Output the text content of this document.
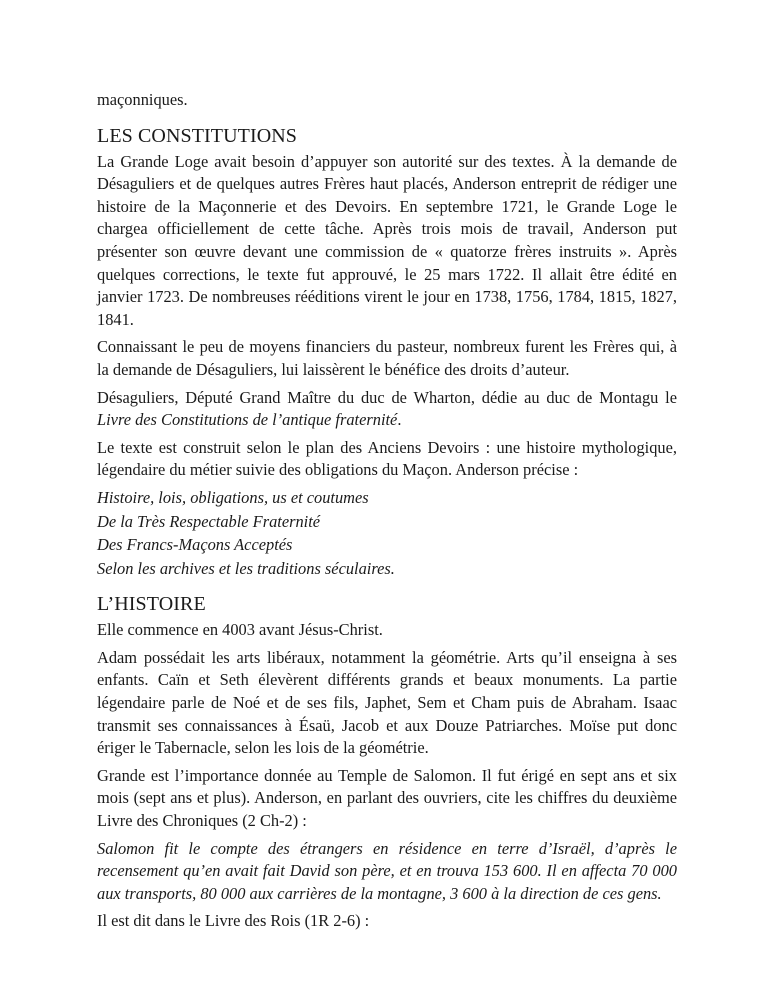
maçonniques.

LES CONSTITUTIONS

La Grande Loge avait besoin d’appuyer son autorité sur des textes. À la demande de Désaguliers et de quelques autres Frères haut placés, Anderson entreprit de rédiger une histoire de la Maçonnerie et des Devoirs. En septembre 1721, le Grande Loge le chargea officiellement de cette tâche. Après trois mois de travail, Anderson put présenter son œuvre devant une commission de « quatorze frères instruits ». Après quelques corrections, le texte fut approuvé, le 25 mars 1722. Il allait être édité en janvier 1723. De nombreuses rééditions virent le jour en 1738, 1756, 1784, 1815, 1827, 1841.

Connaissant le peu de moyens financiers du pasteur, nombreux furent les Frères qui, à la demande de Désaguliers, lui laissèrent le bénéfice des droits d’auteur.

Désaguliers, Député Grand Maître du duc de Wharton, dédie au duc de Montagu le Livre des Constitutions de l’antique fraternité.

Le texte est construit selon le plan des Anciens Devoirs : une histoire mythologique, légendaire du métier suivie des obligations du Maçon. Anderson précise :

Histoire, lois, obligations, us et coutumes

De la Très Respectable Fraternité

Des Francs-Maçons Acceptés

Selon les archives et les traditions séculaires.

L’HISTOIRE

Elle commence en 4003 avant Jésus-Christ.

Adam possédait les arts libéraux, notamment la géométrie. Arts qu’il enseigna à ses enfants. Caïn et Seth élevèrent différents grands et beaux monuments. La partie légendaire parle de Noé et de ses fils, Japhet, Sem et Cham puis de Abraham. Isaac transmit ses connaissances à Ésaü, Jacob et aux Douze Patriarches. Moïse put donc ériger le Tabernacle, selon les lois de la géométrie.

Grande est l’importance donnée au Temple de Salomon. Il fut érigé en sept ans et six mois (sept ans et plus). Anderson, en parlant des ouvriers, cite les chiffres du deuxième Livre des Chroniques (2 Ch-2) :

Salomon fit le compte des étrangers en résidence en terre d’Israël, d’après le recensement qu’en avait fait David son père, et en trouva 153 600. Il en affecta 70 000 aux transports, 80 000 aux carrières de la montagne, 3 600 à la direction de ces gens.

Il est dit dans le Livre des Rois (1R 2-6) :
